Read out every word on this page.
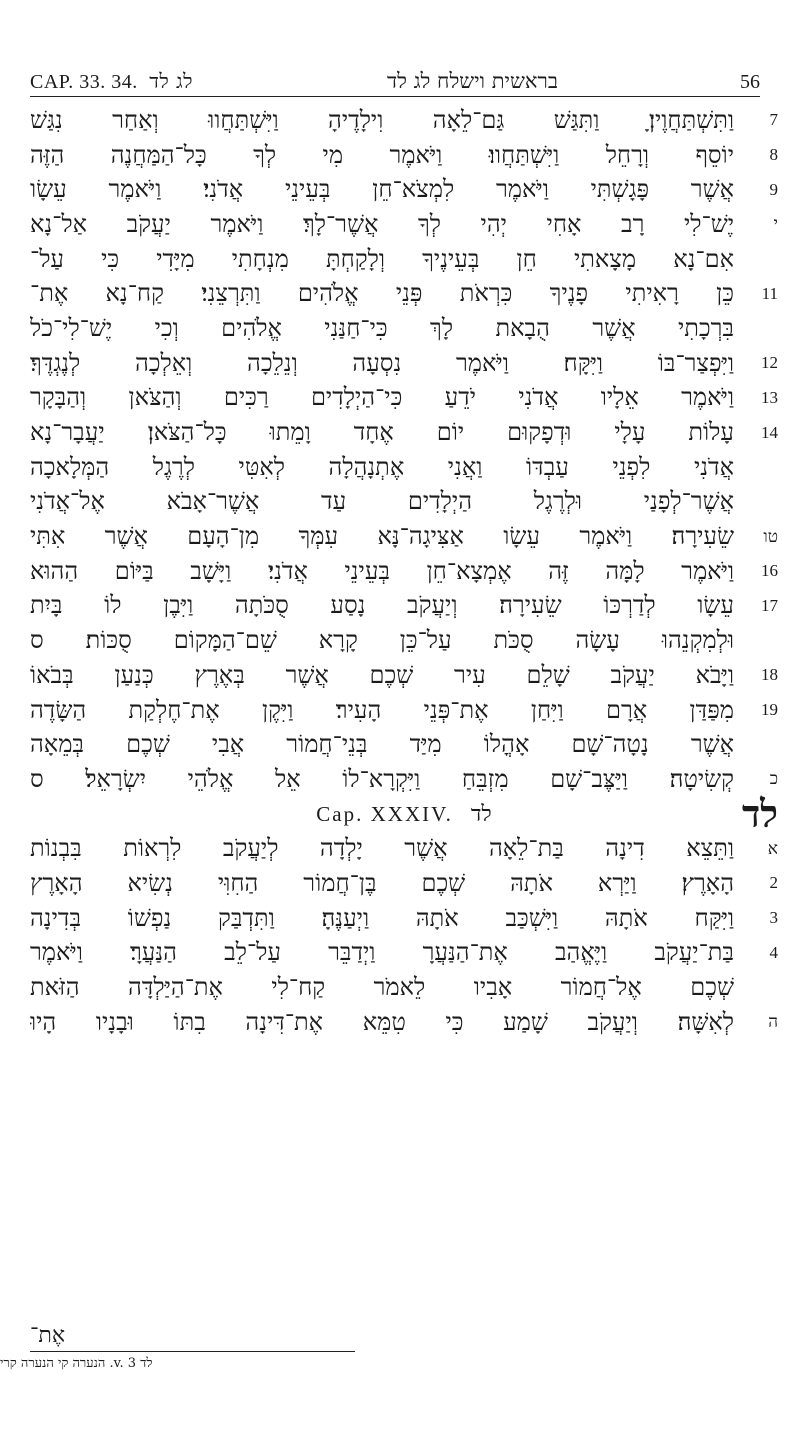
CAP. 33. 34. לג לד	בראשית וישלח לג לד	56
7
וַתִּשְׁתַּחֲוֶיןָ׃ וַתִּגַּשׁ גַּם־לֵאָה וִילָדֶיהָ וַיִּשְׁתַּחֲווּ וְאַחַר נִגַּשׁ
8
יוֹסֵף וְרָחֵל וַיִּשְׁתַּחֲווּ׃ וַיֹּאמֶר מִי לְךָ כָּל־הַמַּחֲנֶה הַזֶּה
9
אֲשֶׁר פָּגָשְׁתִּי וַיֹּאמֶר לִמְצֹא־חֵן בְּעֵינֵי אֲדֹנִי׃ וַיֹּאמֶר עֵשָׂו
י
יֶשׁ־לִי רָב אָחִי יְהִי לְךָ אֲשֶׁר־לָךְ׃ וַיֹּאמֶר יַעֲקֹב אַל־נָא
אִם־נָא מָצָאתִי חֵן בְּעֵינֶיךָ וְלָקַחְתָּ מִנְחָתִי מִיָּדִי כִּי עַל־
11
כֵּן רָאִיתִי פָנֶיךָ כִּרְאֹת פְּנֵי אֱלֹהִים וַתִּרְצֵנִי׃ קַח־נָא אֶת־
בִּרְכָתִי אֲשֶׁר הֻבָאת לָךְ כִּי־חַנַּנִי אֱלֹהִים וְכִי יֶשׁ־לִי־כֹל
12
וַיִּפְצַר־בּוֹ וַיִּקָּח׃ וַיֹּאמֶר נִסְעָה וְנֵלֵכָה וְאֵלְכָה לְנֶגְדֶּךָ׃
13
וַיֹּאמֶר אֵלָיו אֲדֹנִי יֹדֵעַ כִּי־הַיְלָדִים רַכִּים וְהַצֹּאן וְהַבָּקָר
14
עָלוֹת עָלָי וּדְפָקוּם יוֹם אֶחָד וָמֵתוּ כָּל־הַצֹּאן׃ יַעֲבָר־נָא
אֲדֹנִי לִפְנֵי עַבְדּוֹ וַאֲנִי אֶתְנָהֲלָה לְאִטִּי לְרֶגֶל הַמְּלָאכָה
אֲשֶׁר־לְפָנַי וּלְרֶגֶל הַיְלָדִים עַד אֲשֶׁר־אָבֹא אֶל־אֲדֹנִי
טו
שֵׂעִירָה׃ וַיֹּאמֶר עֵשָׂו אַצִּיגָה־נָּא עִמְּךָ מִן־הָעָם אֲשֶׁר אִתִּי
16
וַיֹּאמֶר לָמָּה זֶּה אֶמְצָא־חֵן בְּעֵינֵי אֲדֹנִי׃ וַיָּשָׁב בַּיּוֹם הַהוּא
17
עֵשָׂו לְדַרְכּוֹ שֵׂעִירָה׃ וְיַעֲקֹב נָסַע סֻכֹּתָה וַיִּבֶן לוֹ בָּיִת
וּלְמִקְנֵהוּ עָשָׂה סֻכֹּת עַל־כֵּן קָרָא שֵׁם־הַמָּקוֹם סֻכּוֹת׃ ס
18
וַיָּבֹא יַעֲקֹב שָׁלֵם עִיר שְׁכֶם אֲשֶׁר בְּאֶרֶץ כְּנַעַן בְּבֹאוֹ
19
מִפַּדַּן אֲרָם וַיִּחַן אֶת־פְּנֵי הָעִיר׃ וַיִּקֶן אֶת־חֶלְקַת הַשָּׂדֶה
אֲשֶׁר נָטָה־שָׁם אָהֳלוֹ מִיַּד בְּנֵי־חֲמוֹר אֲבִי שְׁכֶם בְּמֵאָה
כ
קְשִׂיטָה׃ וַיַּצֶּב־שָׁם מִזְבֵּחַ וַיִּקְרָא־לוֹ אֵל אֱלֹהֵי יִשְׂרָאֵל׃ ס
Cap. XXXIV. לד	לד
א
וַתֵּצֵא דִינָה בַּת־לֵאָה אֲשֶׁר יָלְדָה לְיַעֲקֹב לִרְאוֹת בִּבְנוֹת
2
הָאָרֶץ׃ וַיַּרְא אֹתָהּ שְׁכֶם בֶּן־חֲמוֹר הַחִוִּי נְשִׂיא הָאָרֶץ
3
וַיִּקַּח אֹתָהּ וַיִּשְׁכַּב אֹתָהּ וַיְעַנֶּהָ׃ וַתִּדְבַּק נַפְשׁוֹ בְּדִינָה
4
בַּת־יַעֲקֹב וַיֶּאֱהַב אֶת־הַנַּעֲרָ וַיְדַבֵּר עַל־לֵב הַנַּעֲרָ׃ וַיֹּאמֶר
שְׁכֶם אֶל־חֲמוֹר אָבִיו לֵאמֹר קַח־לִי אֶת־הַיַּלְדָּה הַזֹּאת
ה
לְאִשָּׁה׃ וְיַעֲקֹב שָׁמַע כִּי טִמֵּא אֶת־דִּינָה בִתּוֹ וּבָנָיו הָיוּ
אֶת־
לד v. 3. הנערה קי הנערה קרי
